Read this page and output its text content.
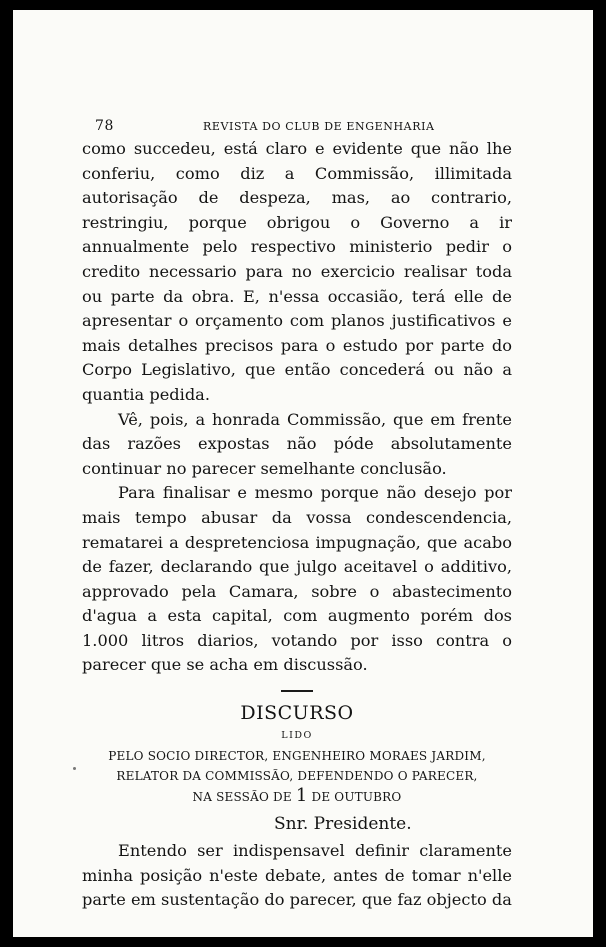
78	REVISTA DO CLUB DE ENGENHARIA

como succedeu, está claro e evidente que não lhe conferiu, como diz a Commissão, illimitada autorisação de despeza, mas, ao contrario, restringiu, porque obrigou o Governo a ir annualmente pelo respectivo ministerio pedir o credito necessario para no exercicio realisar toda ou parte da obra. E, n'essa occasião, terá elle de apresentar o orçamento com planos justificativos e mais detalhes precisos para o estudo por parte do Corpo Legislativo, que então concederá ou não a quantia pedida.

Vê, pois, a honrada Commissão, que em frente das razões expostas não póde absolutamente continuar no parecer semelhante conclusão.

Para finalisar e mesmo porque não desejo por mais tempo abusar da vossa condescendencia, rematarei a despretenciosa impugnação, que acabo de fazer, declarando que julgo aceitavel o additivo, approvado pela Camara, sobre o abastecimento d'agua a esta capital, com augmento porém dos 1.000 litros diarios, votando por isso contra o parecer que se acha em discussão.

DISCURSO
LIDO
PELO SOCIO DIRECTOR, ENGENHEIRO MORAES JARDIM,
RELATOR DA COMMISSÃO, DEFENDENDO O PARECER,
NA SESSÃO DE 1 DE OUTUBRO
Snr. Presidente.

Entendo ser indispensavel definir claramente minha posição n'este debate, antes de tomar n'elle parte em sustentação do parecer, que faz objecto da
